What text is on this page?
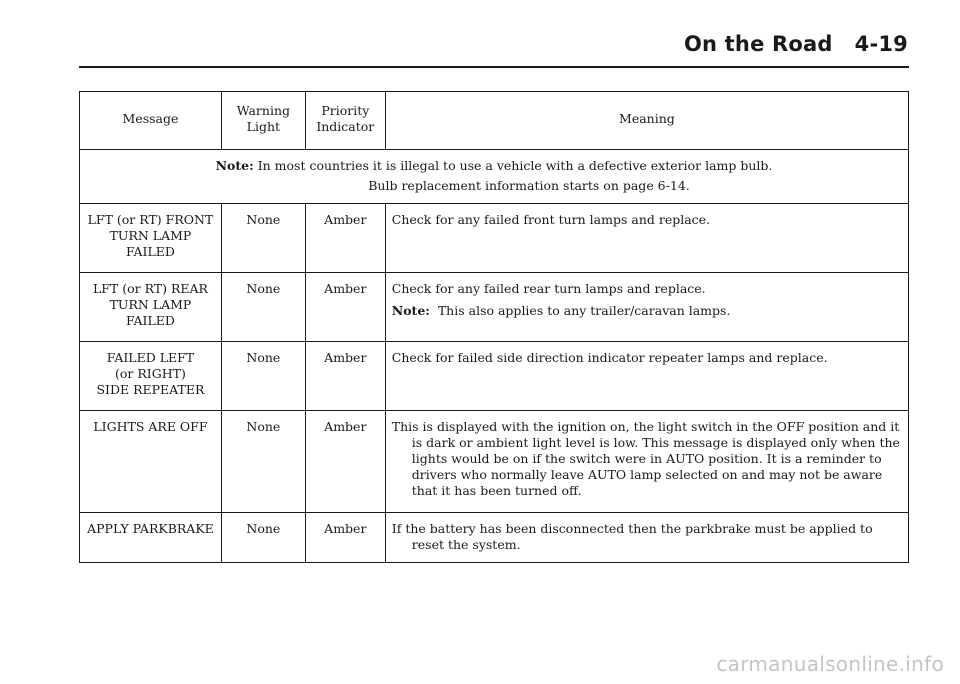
On the Road 4-19
Message	Warning Light	Priority Indicator	Meaning
Note: In most countries it is illegal to use a vehicle with a defective exterior lamp bulb.
Bulb replacement information starts on page 6-14.			

LFT (or RT) FRONT
TURN LAMP
FAILED	None	Amber	Check for any failed front turn lamps and replace.

LFT (or RT) REAR
TURN LAMP
FAILED	None	Amber	Check for any failed rear turn lamps and replace.
Note: This also applies to any trailer/caravan lamps.

FAILED LEFT
(or RIGHT)
SIDE REPEATER	None	Amber	Check for failed side direction indicator repeater lamps and replace.

LIGHTS ARE OFF	None	Amber	This is displayed with the ignition on, the light switch in the OFF position and it is dark or ambient light level is low. This message is displayed only when the lights would be on if the switch were in AUTO position. It is a reminder to drivers who normally leave AUTO lamp selected on and may not be aware that it has been turned off.

APPLY PARKBRAKE	None	Amber	If the battery has been disconnected then the parkbrake must be applied to reset the system.
carmanualsonline.info
